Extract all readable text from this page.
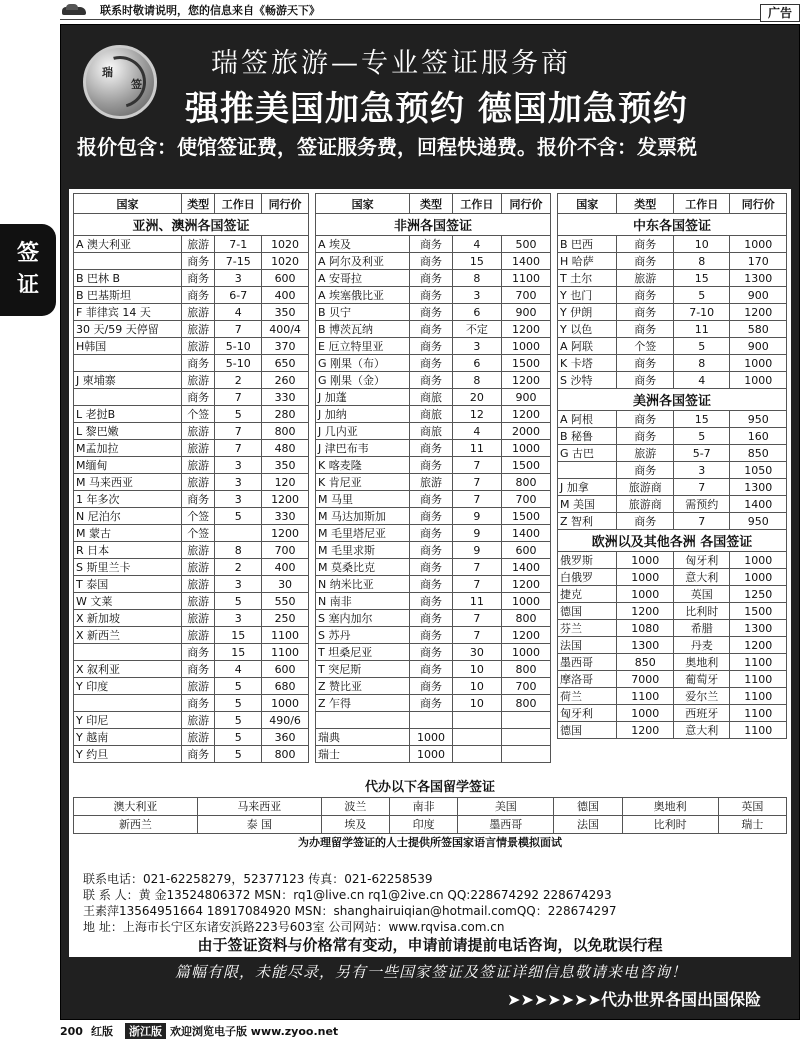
联系时敬请说明，您的信息来自《畅游天下》	广告
签
证
瑞
签
瑞签旅游—专业签证服务商
强推美国加急预约 德国加急预约
报价包含：使馆签证费，签证服务费，回程快递费。报价不含：发票税
国家	类型	工作日	同行价
亚洲、澳洲各国签证			
A 澳大利亚	旅游	7-1	1020
	商务	7-15	1020
B 巴林 B	商务	3	600
B 巴基斯坦	商务	6-7	400
F 菲律宾 14 天	旅游	4	350
30 天/59 天停留	旅游	7	400/4
H韩国	旅游	5-10	370
	商务	5-10	650
J 柬埔寨	旅游	2	260
	商务	7	330
L 老挝B	个签	5	280
L 黎巴嫩	旅游	7	800
M孟加拉	旅游	7	480
M缅甸	旅游	3	350
M 马来西亚	旅游	3	120
1 年多次	商务	3	1200
N 尼泊尔	个签	5	330
M 蒙古	个签		1200
R 日本	旅游	8	700
S 斯里兰卡	旅游	2	400
T 泰国	旅游	3	30
W 文莱	旅游	5	550
X 新加坡	旅游	3	250
X 新西兰	旅游	15	1100
	商务	15	1100
X 叙利亚	商务	4	600
Y 印度	旅游	5	680
	商务	5	1000
Y 印尼	旅游	5	490/6
Y 越南	旅游	5	360
Y 约旦	商务	5	800
国家	类型	工作日	同行价
非洲各国签证			
A 埃及	商务	4	500
A 阿尔及利亚	商务	15	1400
A 安哥拉	商务	8	1100
A 埃塞俄比亚	商务	3	700
B 贝宁	商务	6	900
B 博茨瓦纳	商务	不定	1200
E 厄立特里亚	商务	3	1000
G 刚果（布）	商务	6	1500
G 刚果（金）	商务	8	1200
J 加蓬	商旅	20	900
J 加纳	商旅	12	1200
J 几内亚	商旅	4	2000
J 津巴布韦	商务	11	1000
K 喀麦隆	商务	7	1500
K 肯尼亚	旅游	7	800
M 马里	商务	7	700
M 马达加斯加	商务	9	1500
M 毛里塔尼亚	商务	9	1400
M 毛里求斯	商务	9	600
M 莫桑比克	商务	7	1400
N 纳米比亚	商务	7	1200
N 南非	商务	11	1000
S 塞内加尔	商务	7	800
S 苏丹	商务	7	1200
T 坦桑尼亚	商务	30	1000
T 突尼斯	商务	10	800
Z 赞比亚	商务	10	700
Z 乍得	商务	10	800

瑞典	1000		
瑞士	1000		
国家	类型	工作日	同行价
中东各国签证			
B 巴西	商务	10	1000
H 哈萨	商务	8	170
T 土尔	旅游	15	1300
Y 也门	商务	5	900
Y 伊朗	商务	7-10	1200
Y 以色	商务	11	580
A 阿联	个签	5	900
K 卡塔	商务	8	1000
S 沙特	商务	4	1000
美洲各国签证			
A 阿根	商务	15	950
B 秘鲁	商务	5	160
G 古巴	旅游	5-7	850
	商务	3	1050
J 加拿	旅游商	7	1300
M 美国	旅游商	需预约	1400
Z 智利	商务	7	950
欧洲以及其他各洲 各国签证			
俄罗斯	1000	匈牙利	1000
白俄罗	1000	意大利	1000
捷克	1000	英国	1250
德国	1200	比利时	1500
芬兰	1080	希腊	1300
法国	1300	丹麦	1200
墨西哥	850	奥地利	1100
摩洛哥	7000	葡萄牙	1100
荷兰	1100	爱尔兰	1100
匈牙利	1000	西班牙	1100
德国	1200	意大利	1100
代办以下各国留学签证							
澳大利亚	马来西亚	波兰	南非	美国	德国	奥地利	英国
新西兰	泰 国	埃及	印度	墨西哥	法国	比利时	瑞士
为办理留学签证的人士提供所签国家语言情景模拟面试							
联系电话：021-62258279，52377123 传真：021-62258539
联 系 人：黄 金13524806372 MSN：rq1@live.cn rq1@2ive.cn QQ:228674292 228674293
王素萍13564951664 18917084920 MSN：shanghairuiqian@hotmail.comQQ：228674297
地 址：上海市长宁区东诸安浜路223号603室 公司网站：www.rqvisa.com.cn
由于签证资料与价格常有变动，申请前请提前电话咨询，以免耽误行程
篇幅有限，未能尽录，另有一些国家签证及签证详细信息敬请来电咨询！
➤➤➤➤➤➤➤代办世界各国出国保险
200 红版	浙江版 欢迎浏览电子版 www.zyoo.net
